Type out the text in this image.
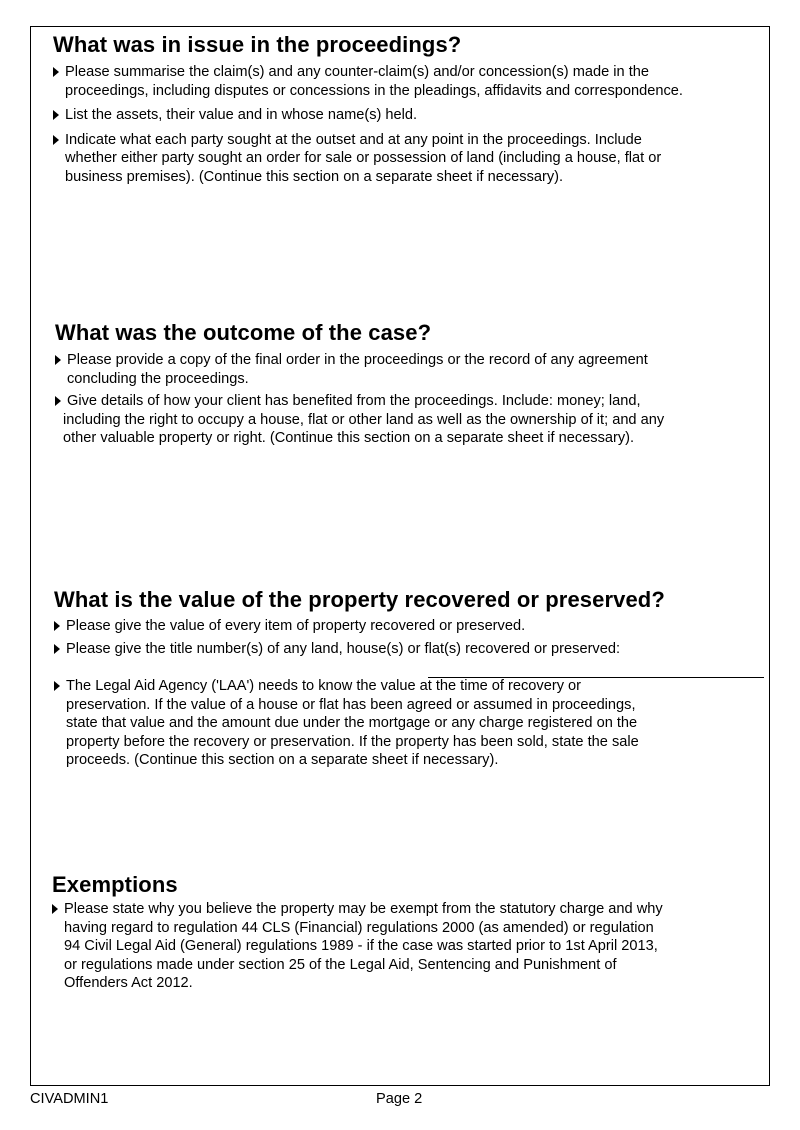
What was in issue in the proceedings?
Please summarise the claim(s) and any counter-claim(s) and/or concession(s) made in the
proceedings, including disputes or concessions in the pleadings, affidavits and correspondence.
List the assets, their value and in whose name(s) held.
Indicate what each party sought at the outset and at any point in the proceedings. Include
whether either party sought an order for sale or possession of land (including a house, flat or
business premises). (Continue this section on a separate sheet if necessary).
What was the outcome of the case?
Please provide a copy of the final order in the proceedings or the record of any agreement
concluding the proceedings.
Give details of how your client has benefited from the proceedings. Include: money; land,
including the right to occupy a house, flat or other land as well as the ownership of it; and any
other valuable property or right. (Continue this section on a separate sheet if necessary).
What is the value of the property recovered or preserved?
Please give the value of every item of property recovered or preserved.
Please give the title number(s) of any land, house(s) or flat(s) recovered or preserved:
The Legal Aid Agency ('LAA') needs to know the value at the time of recovery or
preservation. If the value of a house or flat has been agreed or assumed in proceedings,
state that value and the amount due under the mortgage or any charge registered on the
property before the recovery or preservation. If the property has been sold, state the sale
proceeds. (Continue this section on a separate sheet if necessary).
Exemptions
Please state why you believe the property may be exempt from the statutory charge and why
having regard to regulation 44 CLS (Financial) regulations 2000 (as amended) or regulation
94 Civil Legal Aid (General) regulations 1989 - if the case was started prior to 1st April 2013,
or regulations made under section 25 of the Legal Aid, Sentencing and Punishment of
Offenders Act 2012.
CIVADMIN1	Page 2
